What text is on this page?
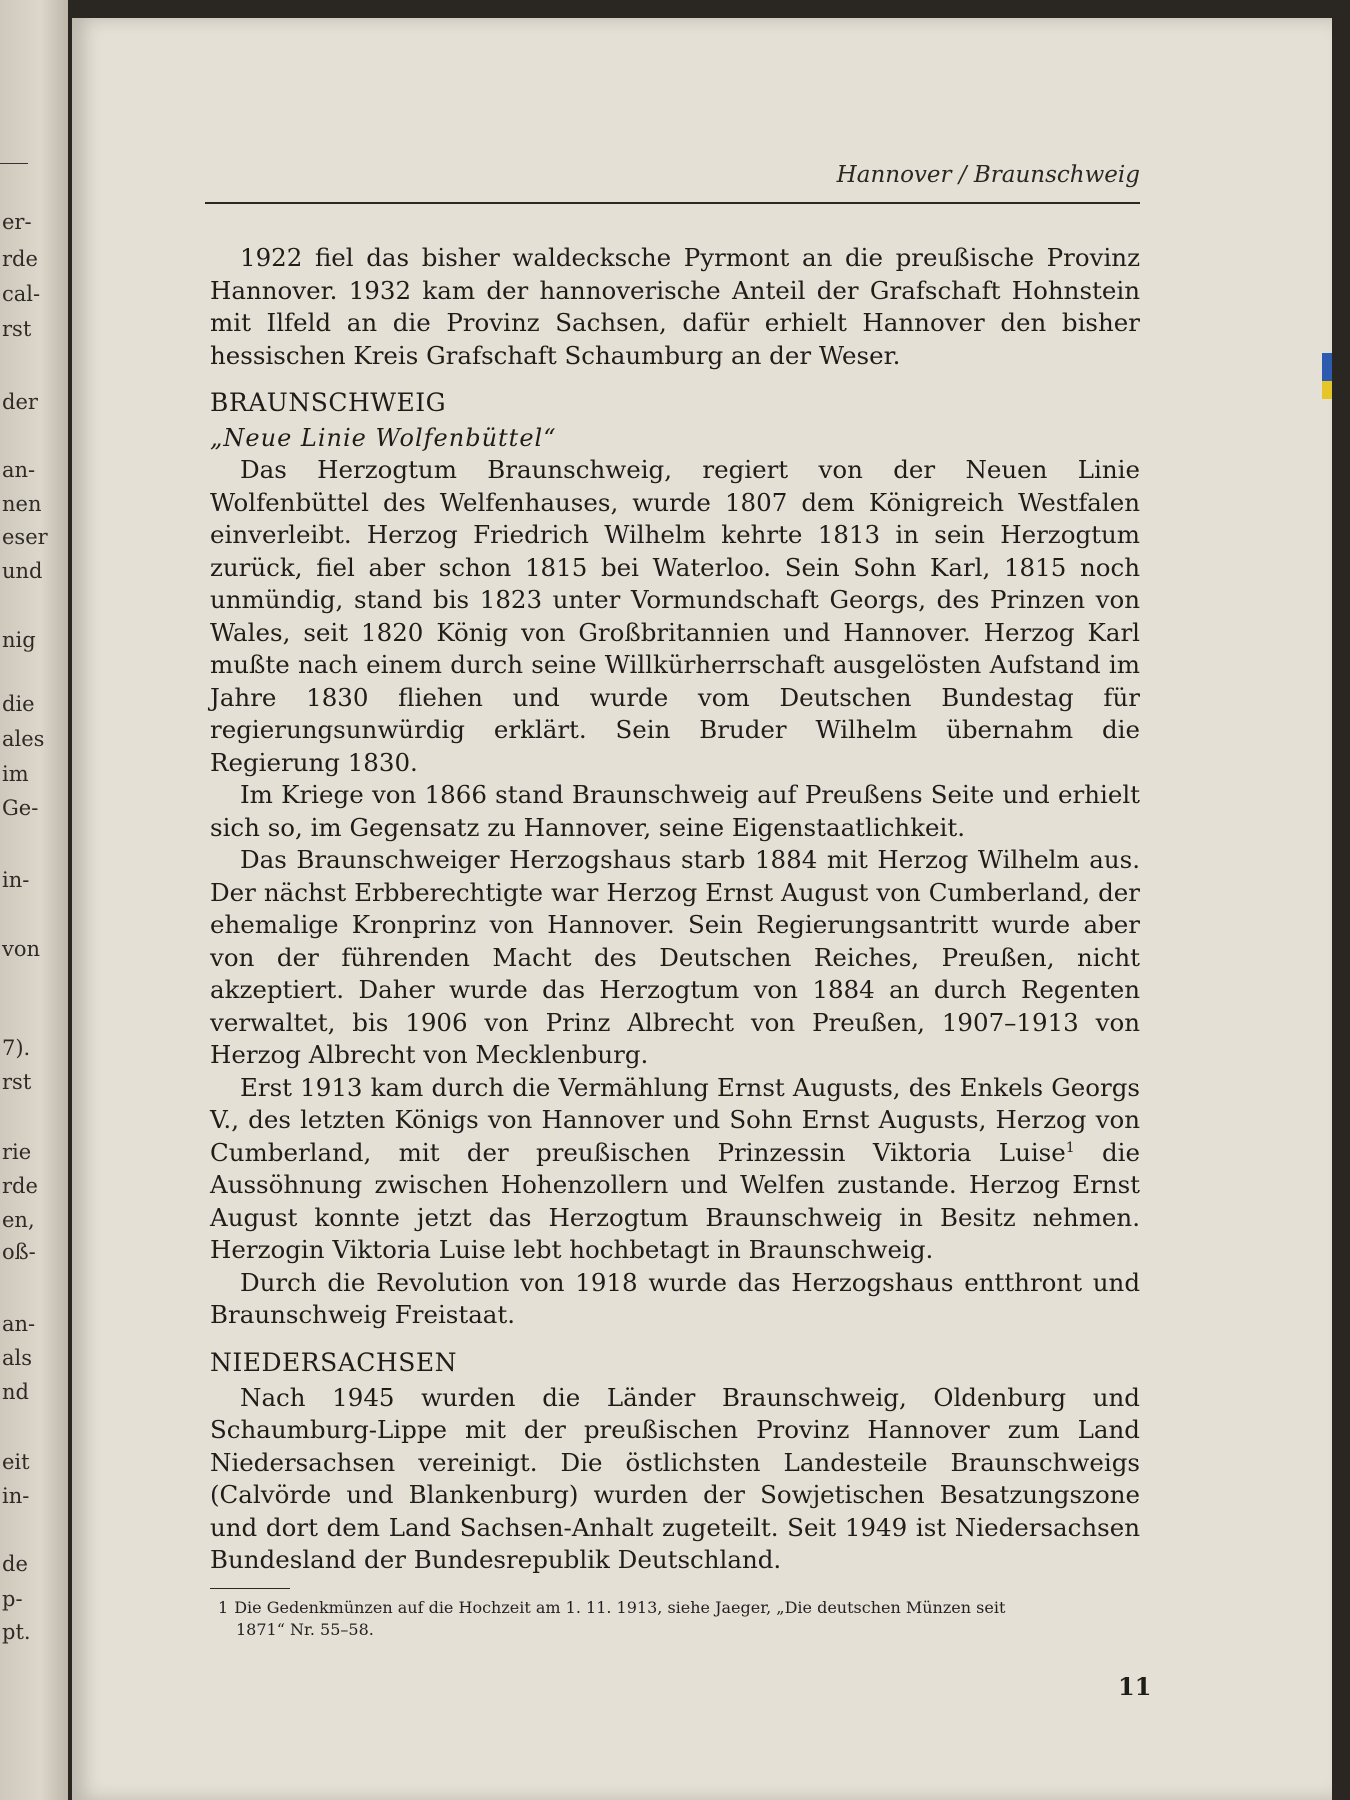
er-
rde
cal-
rst
der
an-
nen
eser
und
nig
die
ales
im
Ge-
in-
von
7).
rst
rie
rde
en,
oß-
an-
als
nd
eit
in-
de
p-
pt.
Hannover / Braunschweig

1922 fiel das bisher waldecksche Pyrmont an die preußische Provinz Hannover. 1932 kam der hannoverische Anteil der Grafschaft Hohnstein mit Ilfeld an die Provinz Sachsen, dafür erhielt Hannover den bisher hessischen Kreis Grafschaft Schaumburg an der Weser.

BRAUNSCHWEIG
„Neue Linie Wolfenbüttel“

Das Herzogtum Braunschweig, regiert von der Neuen Linie Wolfenbüttel des Welfenhauses, wurde 1807 dem Königreich Westfalen einverleibt. Herzog Friedrich Wilhelm kehrte 1813 in sein Herzogtum zurück, fiel aber schon 1815 bei Waterloo. Sein Sohn Karl, 1815 noch unmündig, stand bis 1823 unter Vormundschaft Georgs, des Prinzen von Wales, seit 1820 König von Großbritannien und Hannover. Herzog Karl mußte nach einem durch seine Willkürherrschaft ausgelösten Aufstand im Jahre 1830 fliehen und wurde vom Deutschen Bundestag für regierungsunwürdig erklärt. Sein Bruder Wilhelm übernahm die Regierung 1830.

Im Kriege von 1866 stand Braunschweig auf Preußens Seite und erhielt sich so, im Gegensatz zu Hannover, seine Eigenstaatlichkeit.

Das Braunschweiger Herzogshaus starb 1884 mit Herzog Wilhelm aus. Der nächst Erbberechtigte war Herzog Ernst August von Cumberland, der ehemalige Kronprinz von Hannover. Sein Regierungsantritt wurde aber von der führenden Macht des Deutschen Reiches, Preußen, nicht akzeptiert. Daher wurde das Herzogtum von 1884 an durch Regenten verwaltet, bis 1906 von Prinz Albrecht von Preußen, 1907–1913 von Herzog Albrecht von Mecklenburg.

Erst 1913 kam durch die Vermählung Ernst Augusts, des Enkels Georgs V., des letzten Königs von Hannover und Sohn Ernst Augusts, Herzog von Cumberland, mit der preußischen Prinzessin Viktoria Luise$^1$ die Aussöhnung zwischen Hohenzollern und Welfen zustande. Herzog Ernst August konnte jetzt das Herzogtum Braunschweig in Besitz nehmen. Herzogin Viktoria Luise lebt hochbetagt in Braunschweig.

Durch die Revolution von 1918 wurde das Herzogshaus entthront und Braunschweig Freistaat.

NIEDERSACHSEN

Nach 1945 wurden die Länder Braunschweig, Oldenburg und Schaumburg-Lippe mit der preußischen Provinz Hannover zum Land Niedersachsen vereinigt. Die östlichsten Landesteile Braunschweigs (Calvörde und Blankenburg) wurden der Sowjetischen Besatzungszone und dort dem Land Sachsen-Anhalt zugeteilt. Seit 1949 ist Niedersachsen Bundesland der Bundesrepublik Deutschland.

1 Die Gedenkmünzen auf die Hochzeit am 1. 11. 1913, siehe Jaeger, „Die deutschen Münzen seit
1871“ Nr. 55–58.
11
